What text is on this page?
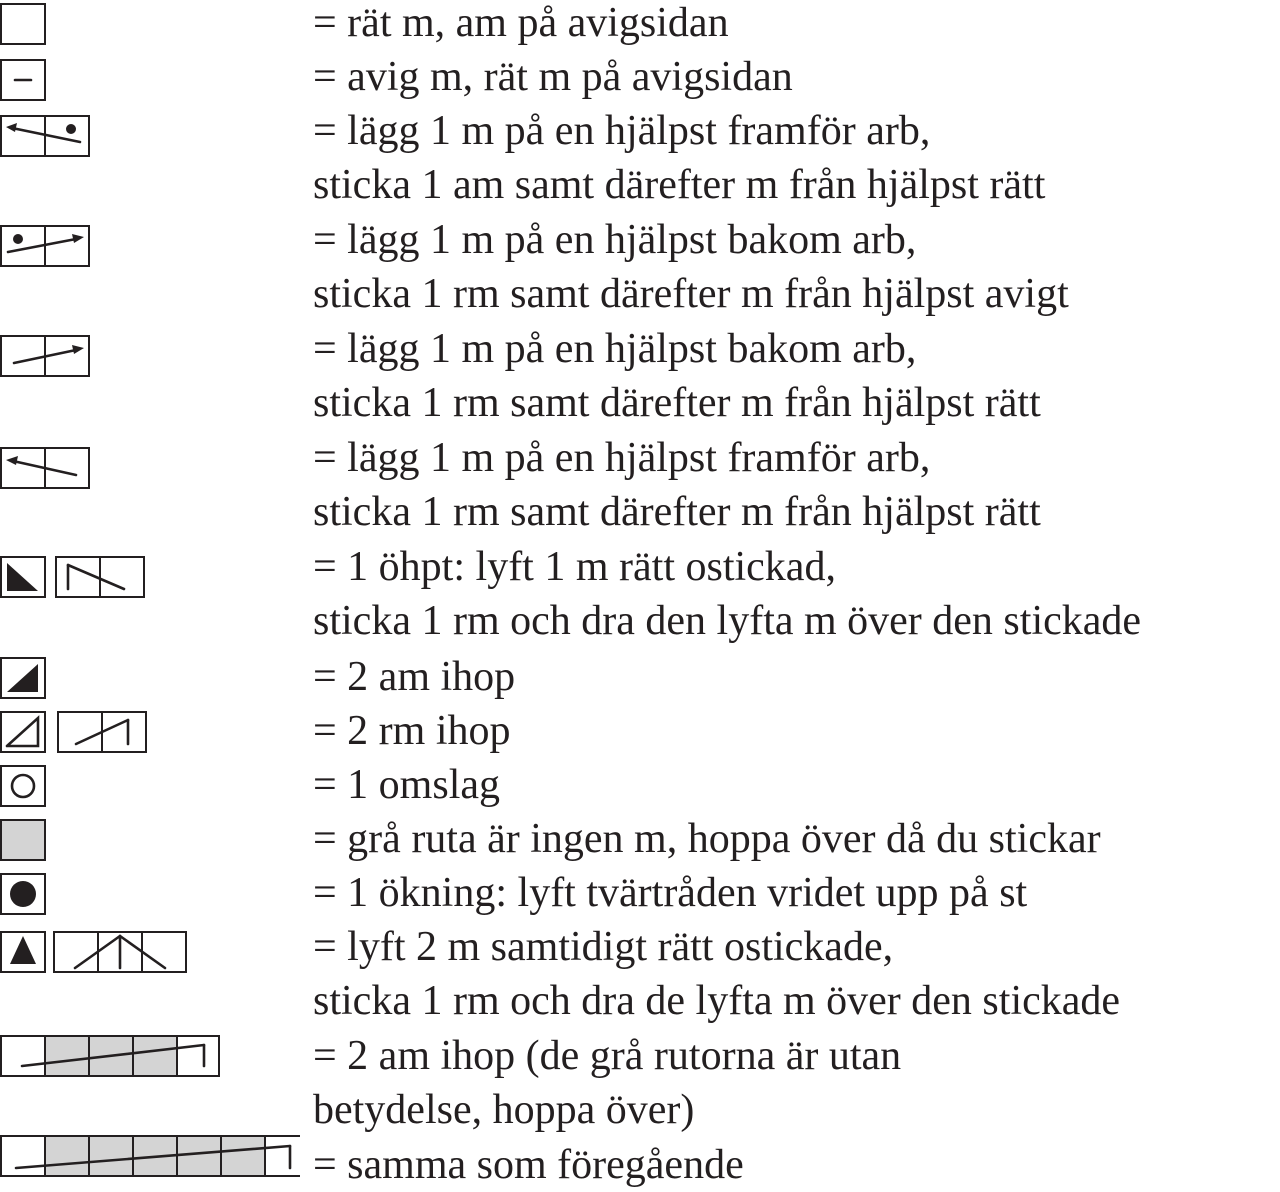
= rät m, am på avigsidan
= avig m, rät m på avigsidan
= lägg 1 m på en hjälpst framför arb,
sticka 1 am samt därefter m från hjälpst rätt
= lägg 1 m på en hjälpst bakom arb,
sticka 1 rm samt därefter m från hjälpst avigt
= lägg 1 m på en hjälpst bakom arb,
sticka 1 rm samt därefter m från hjälpst rätt
= lägg 1 m på en hjälpst framför arb,
sticka 1 rm samt därefter m från hjälpst rätt
= 1 öhpt: lyft 1 m rätt ostickad,
sticka 1 rm och dra den lyfta m över den stickade
= 2 am ihop
= 2 rm ihop
= 1 omslag
= grå ruta är ingen m, hoppa över då du stickar
= 1 ökning: lyft tvärtråden vridet upp på st
= lyft 2 m samtidigt rätt ostickade,
sticka 1 rm och dra de lyfta m över den stickade
= 2 am ihop (de grå rutorna är utan
betydelse, hoppa över)
= samma som föregående
